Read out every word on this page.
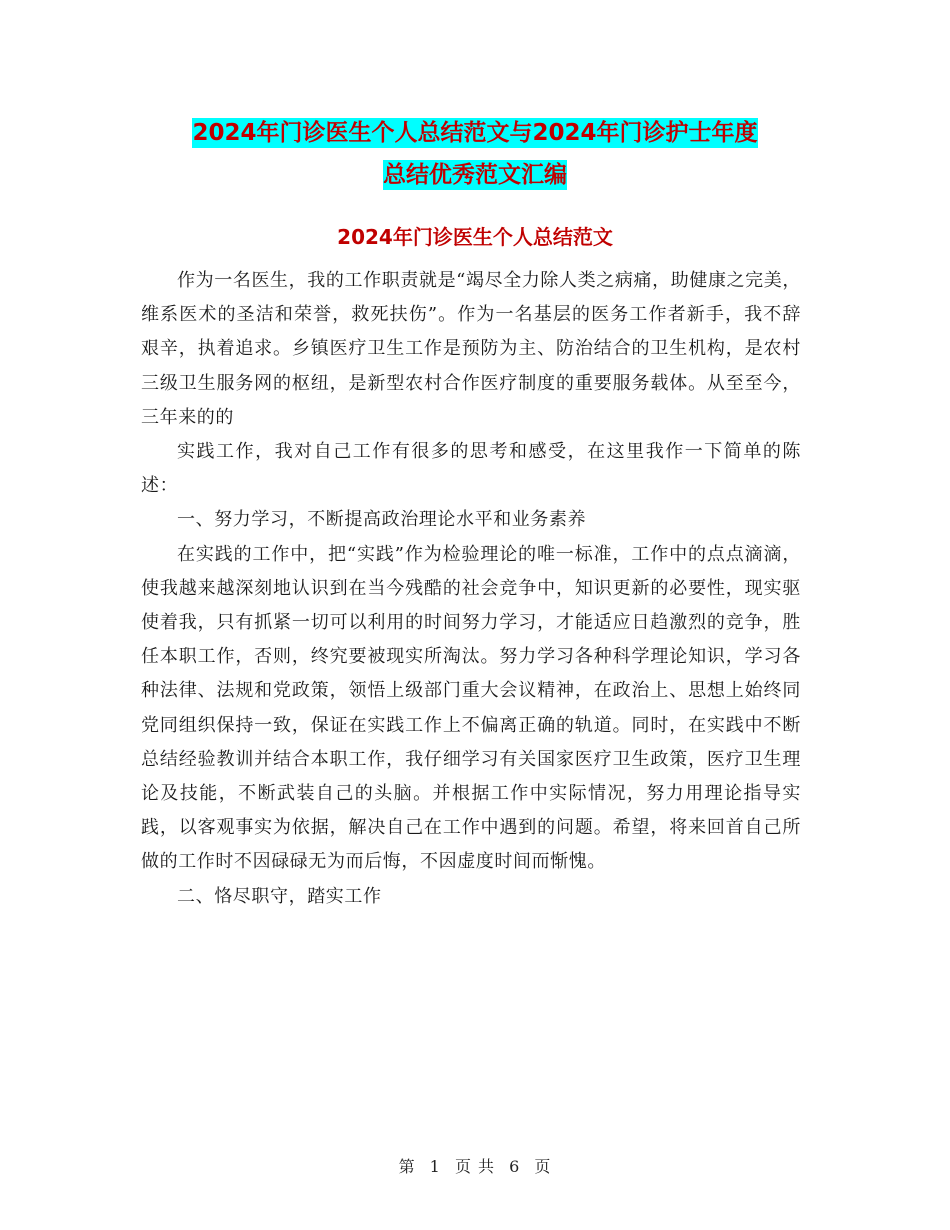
2024年门诊医生个人总结范文与2024年门诊护士年度
总结优秀范文汇编
2024年门诊医生个人总结范文

作为一名医生，我的工作职责就是“竭尽全力除人类之病痛，助健康之完美，维系医术的圣洁和荣誉，救死扶伤”。作为一名基层的医务工作者新手，我不辞艰辛，执着追求。乡镇医疗卫生工作是预防为主、防治结合的卫生机构，是农村三级卫生服务网的枢纽，是新型农村合作医疗制度的重要服务载体。从至至今，三年来的的

实践工作，我对自己工作有很多的思考和感受，在这里我作一下简单的陈述：

一、努力学习，不断提高政治理论水平和业务素养

在实践的工作中，把“实践”作为检验理论的唯一标准，工作中的点点滴滴，使我越来越深刻地认识到在当今残酷的社会竞争中，知识更新的必要性，现实驱使着我，只有抓紧一切可以利用的时间努力学习，才能适应日趋激烈的竞争，胜任本职工作，否则，终究要被现实所淘汰。努力学习各种科学理论知识，学习各种法律、法规和党政策，领悟上级部门重大会议精神，在政治上、思想上始终同党同组织保持一致，保证在实践工作上不偏离正确的轨道。同时，在实践中不断总结经验教训并结合本职工作，我仔细学习有关国家医疗卫生政策，医疗卫生理论及技能，不断武装自己的头脑。并根据工作中实际情况，努力用理论指导实践，以客观事实为依据，解决自己在工作中遇到的问题。希望，将来回首自己所做的工作时不因碌碌无为而后悔，不因虚度时间而惭愧。

二、恪尽职守，踏实工作

第 1 页 共 6 页
